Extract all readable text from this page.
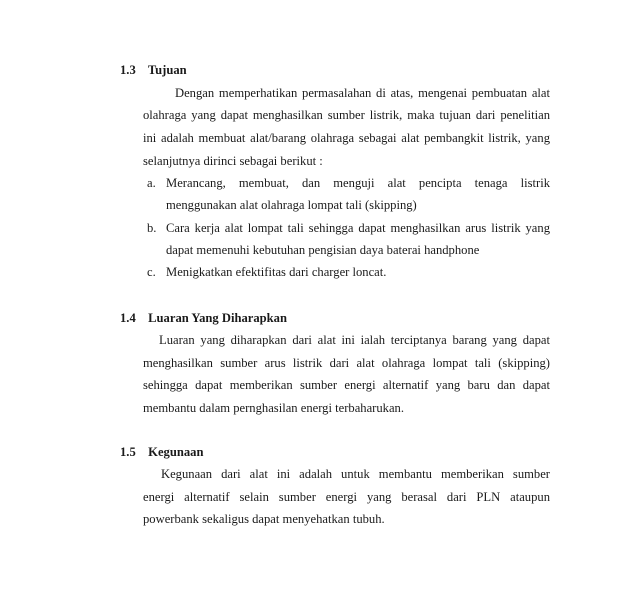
1.3 Tujuan
Dengan memperhatikan permasalahan di atas, mengenai pembuatan alat
olahraga yang dapat menghasilkan sumber listrik, maka tujuan dari penelitian
ini adalah membuat alat/barang olahraga sebagai alat pembangkit listrik, yang
selanjutnya dirinci sebagai berikut :
a. Merancang, membuat, dan menguji alat pencipta tenaga listrik
menggunakan alat olahraga lompat tali (skipping)
b. Cara kerja alat lompat tali sehingga dapat menghasilkan arus listrik yang
dapat memenuhi kebutuhan pengisian daya baterai handphone
c. Menigkatkan efektifitas dari charger loncat.
1.4 Luaran Yang Diharapkan
Luaran yang diharapkan dari alat ini ialah terciptanya barang yang dapat
menghasilkan sumber arus listrik dari alat olahraga lompat tali (skipping)
sehingga dapat memberikan sumber energi alternatif yang baru dan dapat
membantu dalam pernghasilan energi terbaharukan.
1.5 Kegunaan
Kegunaan dari alat ini adalah untuk membantu memberikan sumber
energi alternatif selain sumber energi yang berasal dari PLN ataupun
powerbank sekaligus dapat menyehatkan tubuh.
